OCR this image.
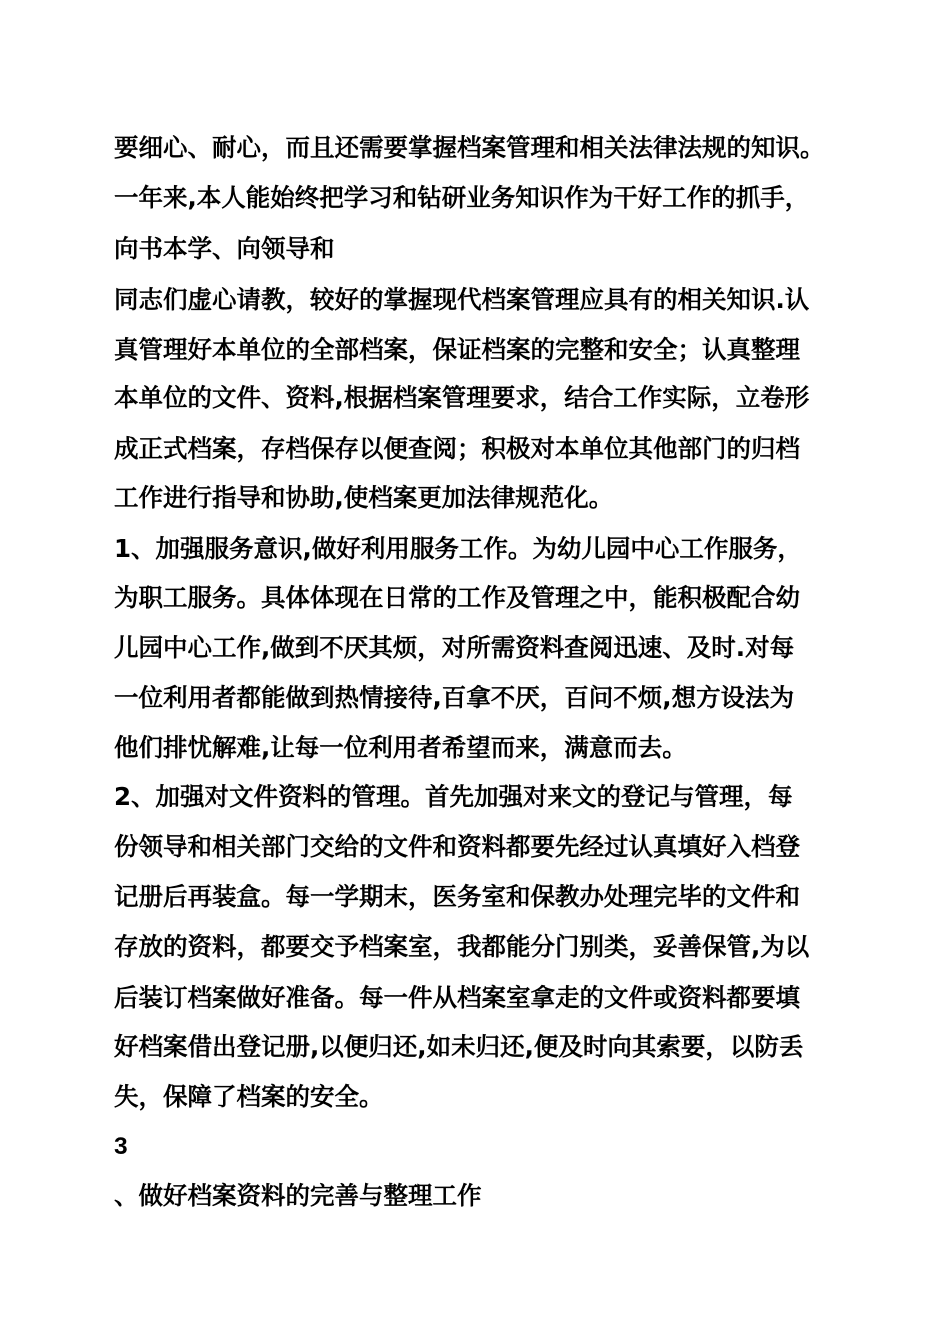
要细心、耐心，而且还需要掌握档案管理和相关法律法规的知识。
一年来,本人能始终把学习和钻研业务知识作为干好工作的抓手，
向书本学、向领导和
同志们虚心请教，较好的掌握现代档案管理应具有的相关知识.认
真管理好本单位的全部档案，保证档案的完整和安全；认真整理
本单位的文件、资料,根据档案管理要求，结合工作实际，立卷形
成正式档案，存档保存以便查阅；积极对本单位其他部门的归档
工作进行指导和协助,使档案更加法律规范化。
1、加强服务意识,做好利用服务工作。为幼儿园中心工作服务，
为职工服务。具体体现在日常的工作及管理之中，能积极配合幼
儿园中心工作,做到不厌其烦，对所需资料查阅迅速、及时.对每
一位利用者都能做到热情接待,百拿不厌，百问不烦,想方设法为
他们排忧解难,让每一位利用者希望而来，满意而去。
2、加强对文件资料的管理。首先加强对来文的登记与管理，每
份领导和相关部门交给的文件和资料都要先经过认真填好入档登
记册后再装盒。每一学期末，医务室和保教办处理完毕的文件和
存放的资料，都要交予档案室，我都能分门别类，妥善保管,为以
后装订档案做好准备。每一件从档案室拿走的文件或资料都要填
好档案借出登记册,以便归还,如未归还,便及时向其索要，以防丢
失，保障了档案的安全。
3
、做好档案资料的完善与整理工作
